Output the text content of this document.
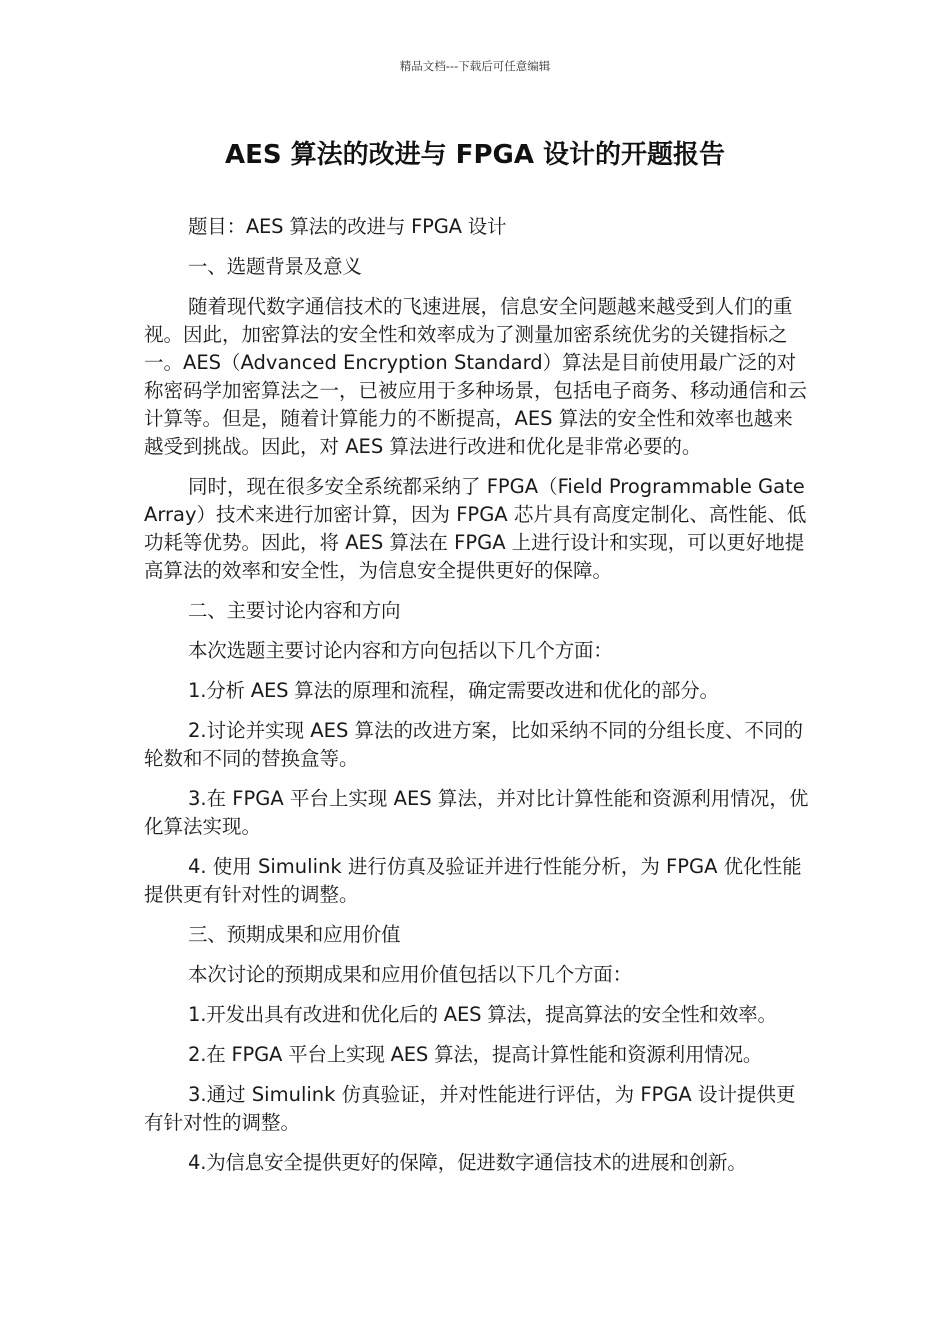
精品文档---下载后可任意编辑

AES 算法的改进与 FPGA 设计的开题报告

题目：AES 算法的改进与 FPGA 设计

一、选题背景及意义

随着现代数字通信技术的飞速进展，信息安全问题越来越受到人们的重视。因此，加密算法的安全性和效率成为了测量加密系统优劣的关键指标之一。AES（Advanced Encryption Standard）算法是目前使用最广泛的对称密码学加密算法之一，已被应用于多种场景，包括电子商务、移动通信和云计算等。但是，随着计算能力的不断提高，AES 算法的安全性和效率也越来越受到挑战。因此，对 AES 算法进行改进和优化是非常必要的。

同时，现在很多安全系统都采纳了 FPGA（Field Programmable Gate Array）技术来进行加密计算，因为 FPGA 芯片具有高度定制化、高性能、低功耗等优势。因此，将 AES 算法在 FPGA 上进行设计和实现，可以更好地提高算法的效率和安全性，为信息安全提供更好的保障。

二、主要讨论内容和方向

本次选题主要讨论内容和方向包括以下几个方面：

1.分析 AES 算法的原理和流程，确定需要改进和优化的部分。

2.讨论并实现 AES 算法的改进方案，比如采纳不同的分组长度、不同的轮数和不同的替换盒等。

3.在 FPGA 平台上实现 AES 算法，并对比计算性能和资源利用情况，优化算法实现。

4. 使用 Simulink 进行仿真及验证并进行性能分析，为 FPGA 优化性能提供更有针对性的调整。

三、预期成果和应用价值

本次讨论的预期成果和应用价值包括以下几个方面：

1.开发出具有改进和优化后的 AES 算法，提高算法的安全性和效率。

2.在 FPGA 平台上实现 AES 算法，提高计算性能和资源利用情况。

3.通过 Simulink 仿真验证，并对性能进行评估，为 FPGA 设计提供更有针对性的调整。

4.为信息安全提供更好的保障，促进数字通信技术的进展和创新。
